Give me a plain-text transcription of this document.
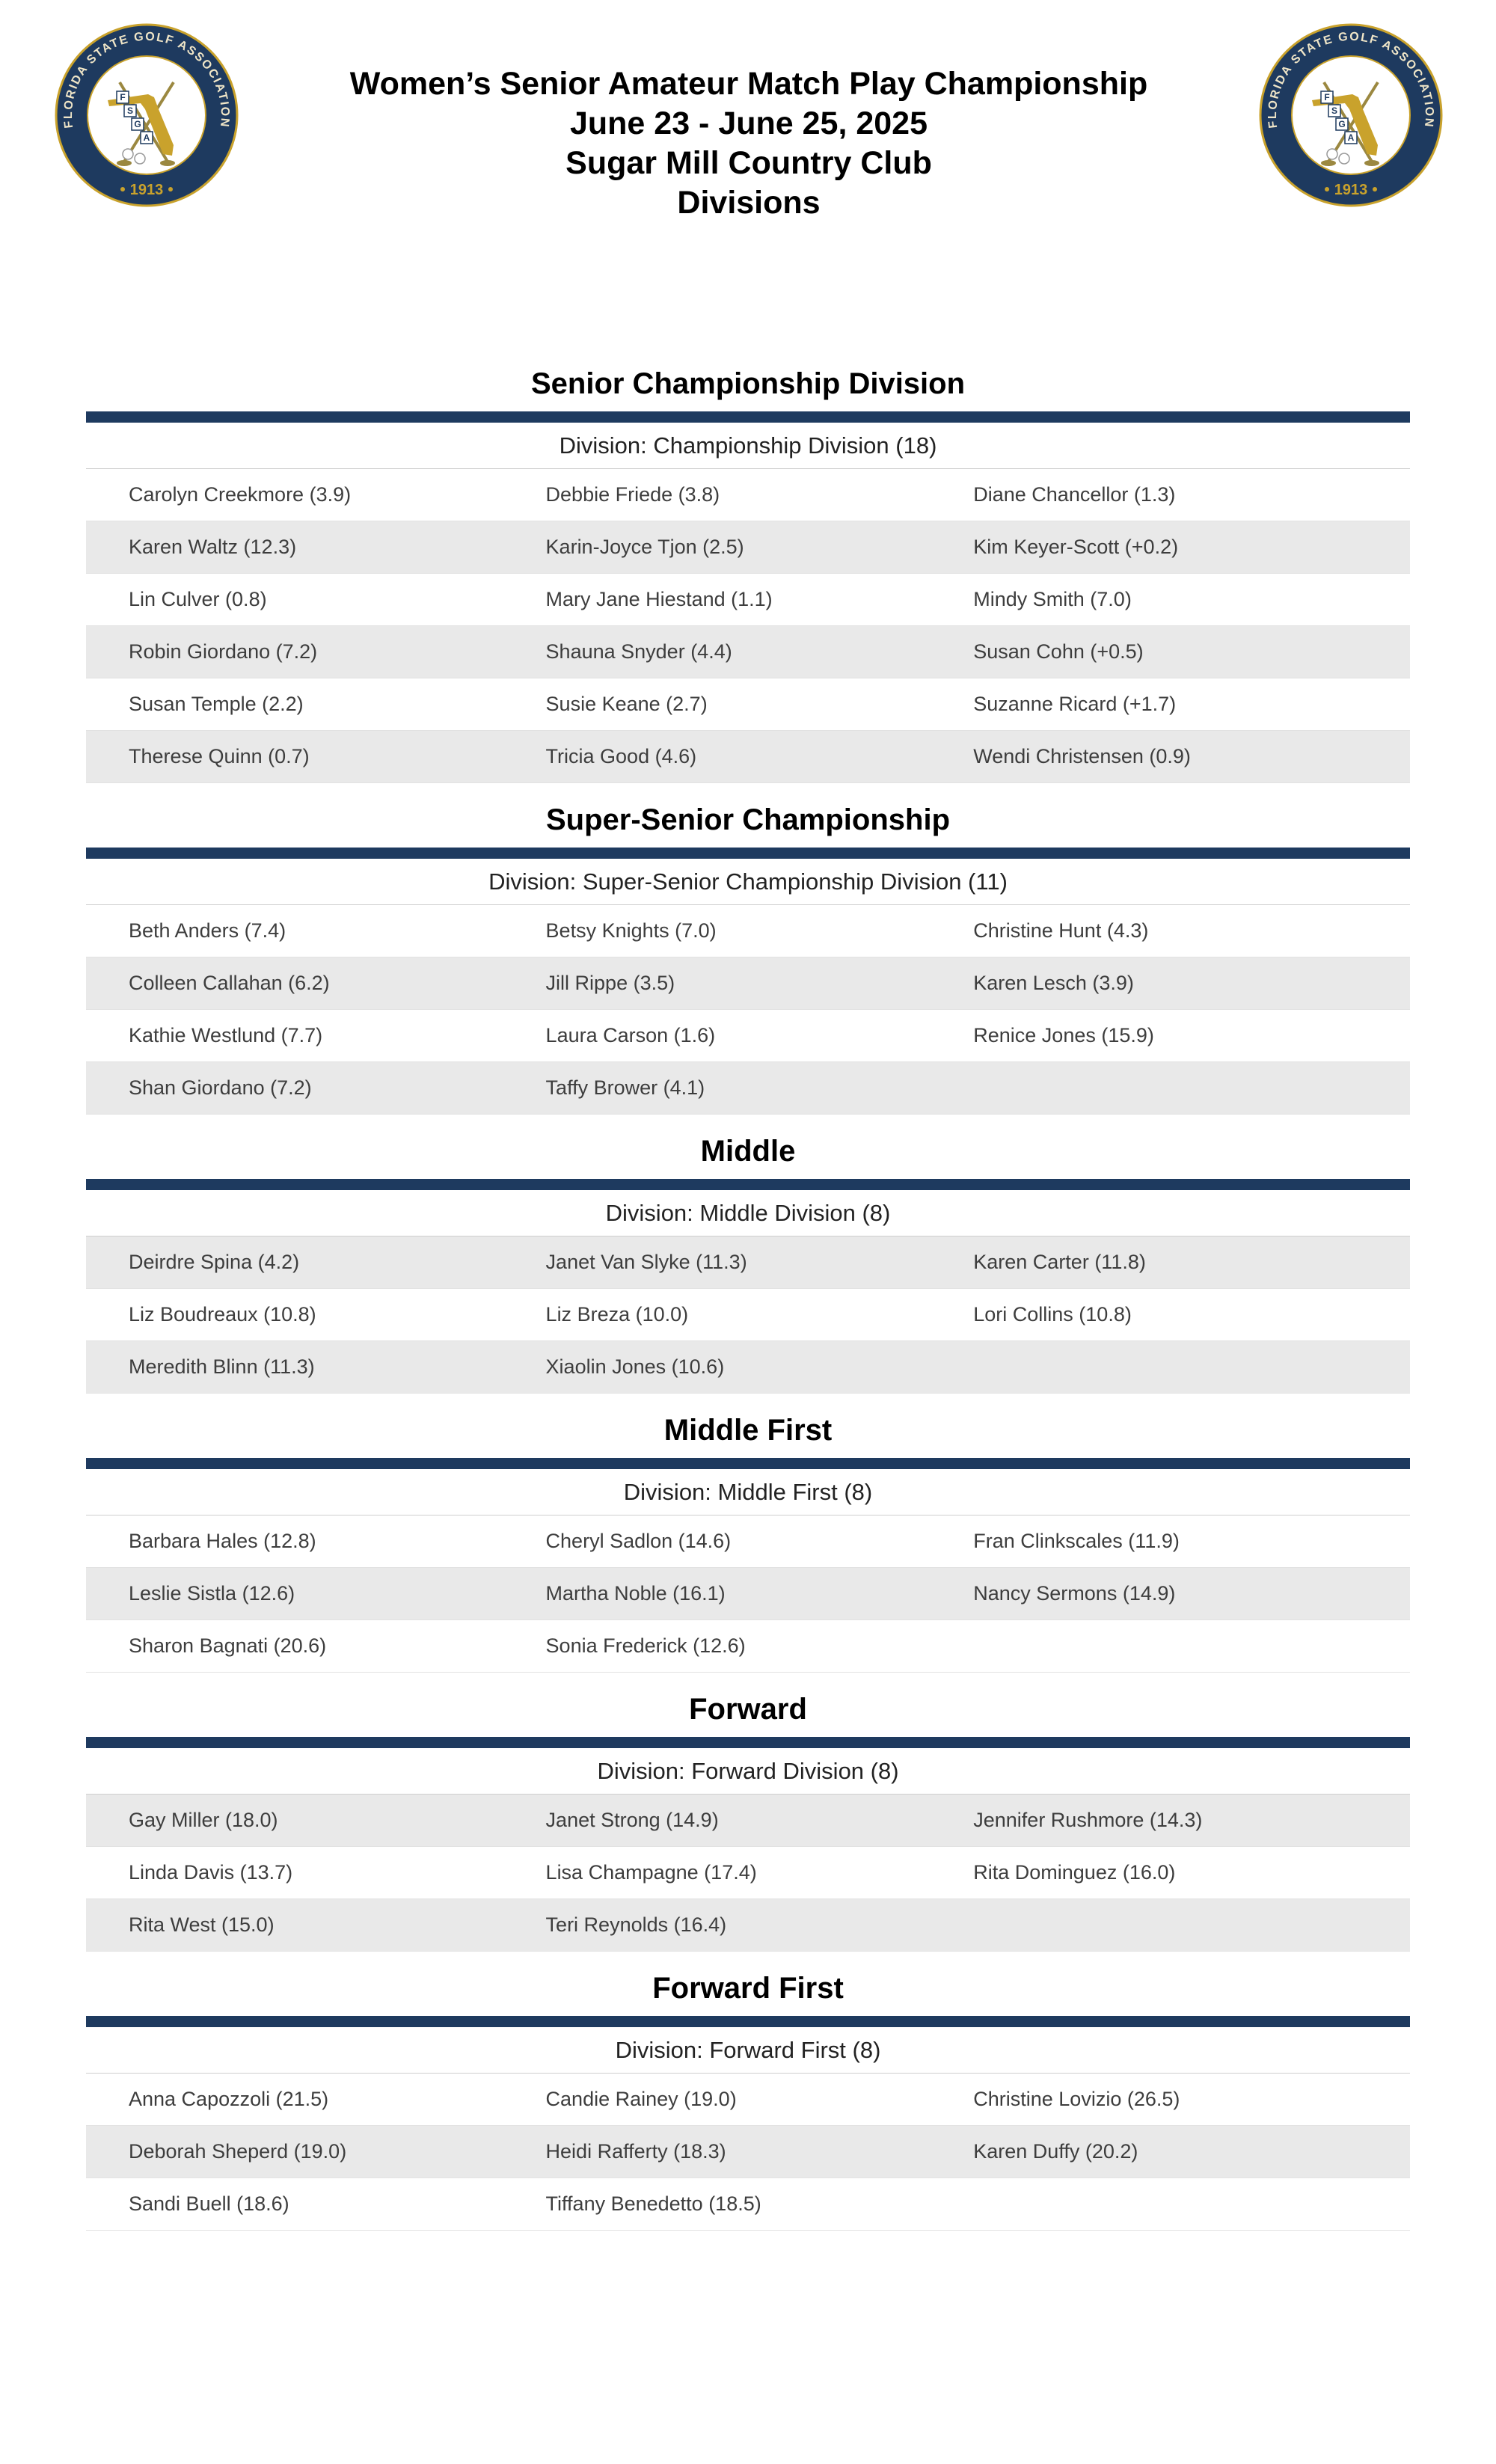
Women’s Senior Amateur Match Play Championship
June 23 - June 25, 2025
Sugar Mill Country Club
Divisions
Senior Championship Division
Division: Championship Division (18)
Carolyn Creekmore (3.9)	Debbie Friede (3.8)	Diane Chancellor (1.3)
Karen Waltz (12.3)	Karin-Joyce Tjon (2.5)	Kim Keyer-Scott (+0.2)
Lin Culver (0.8)	Mary Jane Hiestand (1.1)	Mindy Smith (7.0)
Robin Giordano (7.2)	Shauna Snyder (4.4)	Susan Cohn (+0.5)
Susan Temple (2.2)	Susie Keane (2.7)	Suzanne Ricard (+1.7)
Therese Quinn (0.7)	Tricia Good (4.6)	Wendi Christensen (0.9)
Super-Senior Championship
Division: Super-Senior Championship Division (11)
Beth Anders (7.4)	Betsy Knights (7.0)	Christine Hunt (4.3)
Colleen Callahan (6.2)	Jill Rippe (3.5)	Karen Lesch (3.9)
Kathie Westlund (7.7)	Laura Carson (1.6)	Renice Jones (15.9)
Shan Giordano (7.2)	Taffy Brower (4.1)
Middle
Division: Middle Division (8)
Deirdre Spina (4.2)	Janet Van Slyke (11.3)	Karen Carter (11.8)
Liz Boudreaux (10.8)	Liz Breza (10.0)	Lori Collins (10.8)
Meredith Blinn (11.3)	Xiaolin Jones (10.6)
Middle First
Division: Middle First (8)
Barbara Hales (12.8)	Cheryl Sadlon (14.6)	Fran Clinkscales (11.9)
Leslie Sistla (12.6)	Martha Noble (16.1)	Nancy Sermons (14.9)
Sharon Bagnati (20.6)	Sonia Frederick (12.6)
Forward
Division: Forward Division (8)
Gay Miller (18.0)	Janet Strong (14.9)	Jennifer Rushmore (14.3)
Linda Davis (13.7)	Lisa Champagne (17.4)	Rita Dominguez (16.0)
Rita West (15.0)	Teri Reynolds (16.4)
Forward First
Division: Forward First (8)
Anna Capozzoli (21.5)	Candie Rainey (19.0)	Christine Lovizio (26.5)
Deborah Sheperd (19.0)	Heidi Rafferty (18.3)	Karen Duffy (20.2)
Sandi Buell (18.6)	Tiffany Benedetto (18.5)
